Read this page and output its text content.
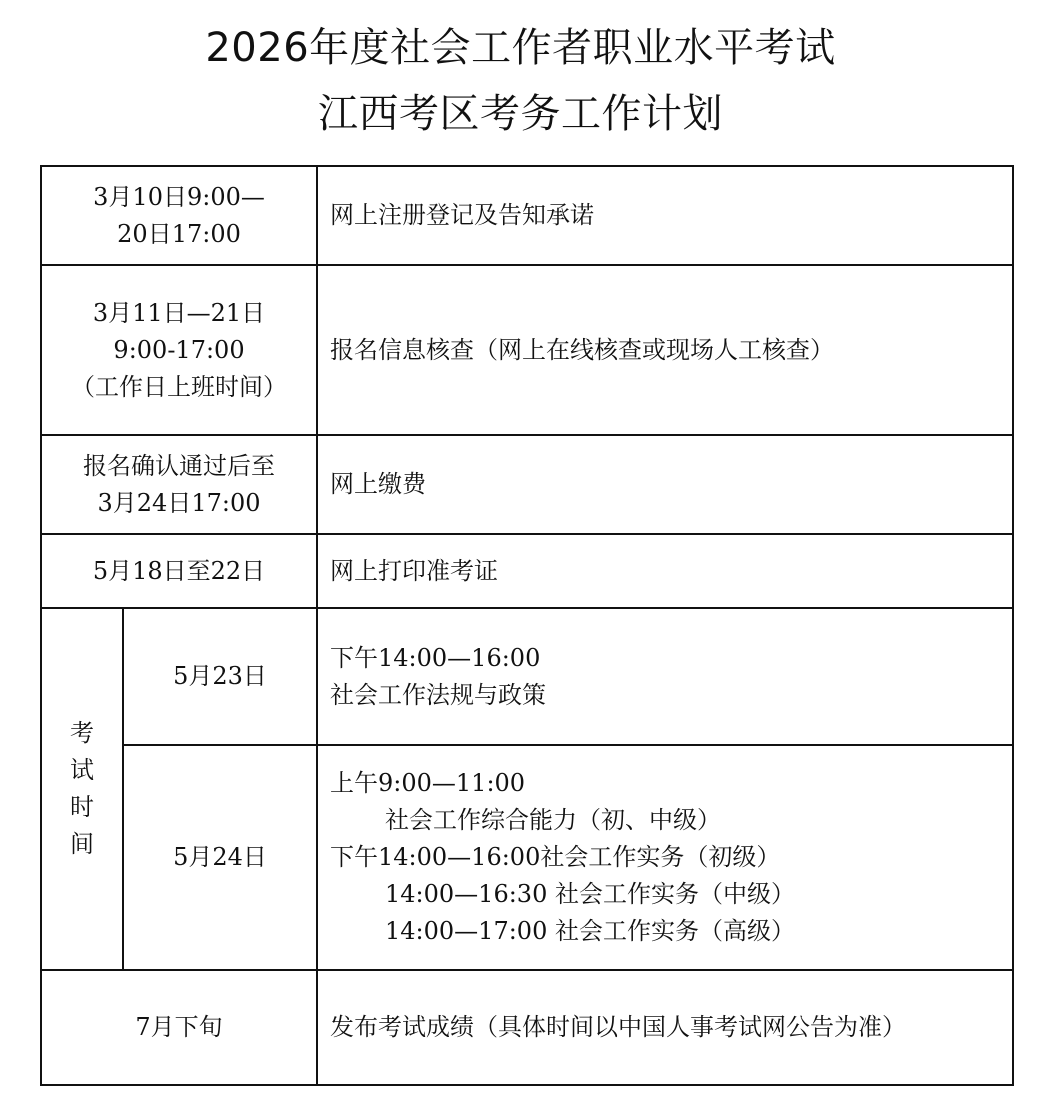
2026年度社会工作者职业水平考试
江西考区考务工作计划
3月10日9:00—
20日17:00		网上注册登记及告知承诺

3月11日—21日
9:00-17:00
（工作日上班时间）		报名信息核查（网上在线核查或现场人工核查）

报名确认通过后至
3月24日17:00		网上缴费

5月18日至22日		网上打印准考证

考
试
时
间	5月23日	下午14:00—16:00
社会工作法规与政策

	5月24日	上午9:00—11:00
社会工作综合能力（初、中级）
下午14:00—16:00社会工作实务（初级）
14:00—16:30 社会工作实务（中级）
14:00—17:00 社会工作实务（高级）

7月下旬		发布考试成绩（具体时间以中国人事考试网公告为准）
